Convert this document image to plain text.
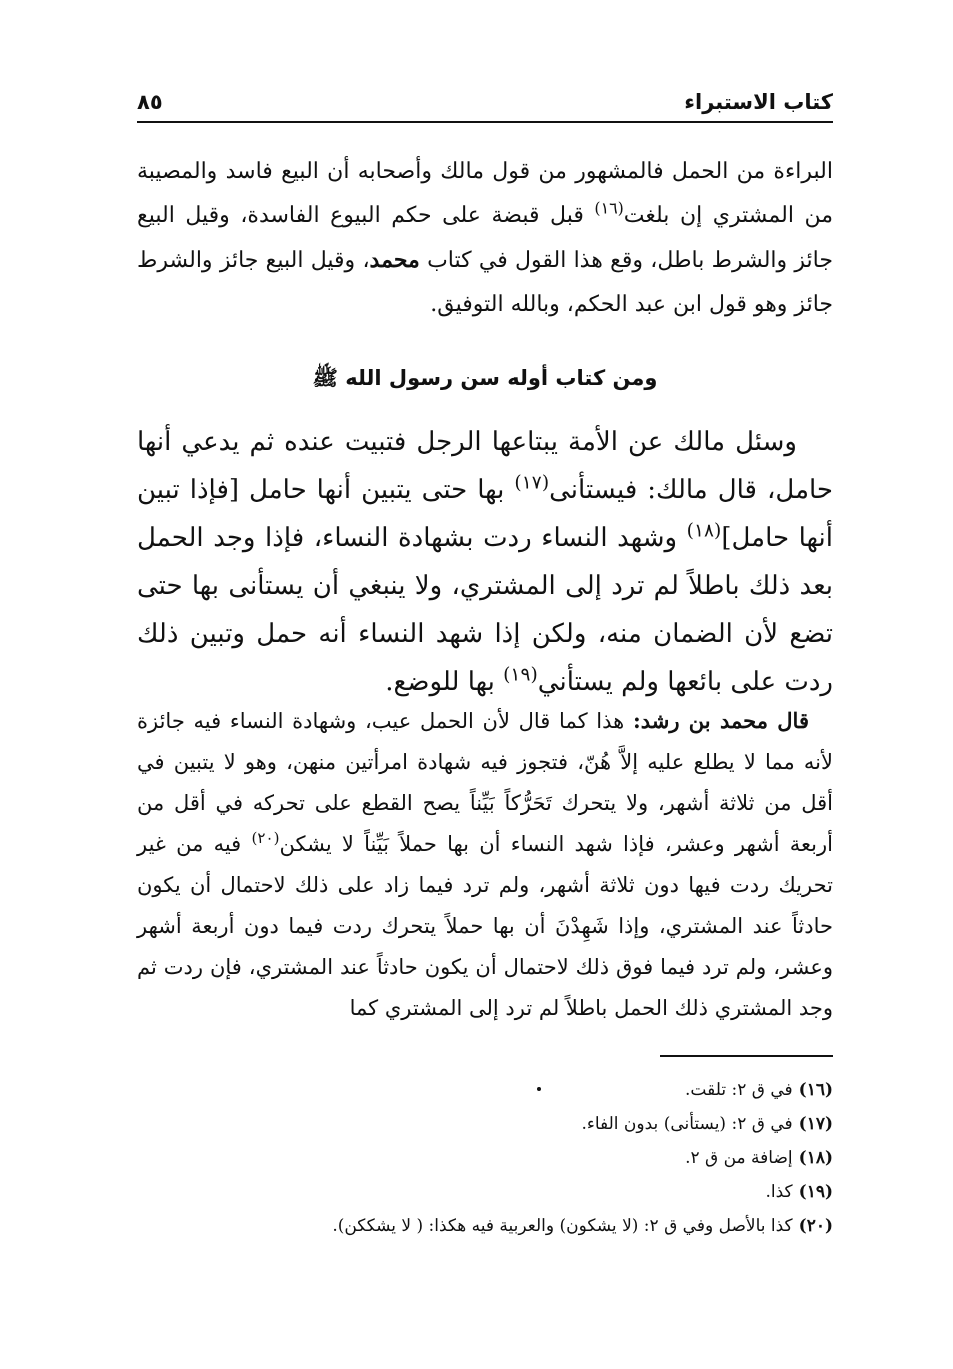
كتاب الاستبراء
٨٥

البراءة من الحمل فالمشهور من قول مالك وأصحابه أن البيع فاسد والمصيبة من المشتري إن بلغت$^{(١٦)}$ قبل قبضة على حكم البيوع الفاسدة، وقيل البيع جائز والشرط باطل، وقع هذا القول في كتاب محمد، وقيل البيع جائز والشرط جائز وهو قول ابن عبد الحكم، وبالله التوفيق.

ومن كتاب أوله سن رسول الله ﷺ

وسئل مالك عن الأمة يبتاعها الرجل فتبيت عنده ثم يدعي أنها حامل، قال مالك: فيستأنى$^{(١٧)}$ بها حتى يتبين أنها حامل [فإذا تبين أنها حامل]$^{(١٨)}$ وشهد النساء ردت بشهادة النساء، فإذا وجد الحمل بعد ذلك باطلاً لم ترد إلى المشتري، ولا ينبغي أن يستأنى بها حتى تضع لأن الضمان منه، ولكن إذا شهد النساء أنه حمل وتبين ذلك ردت على بائعها ولم يستأني$^{(١٩)}$ بها للوضع.

قال محمد بن رشد: هذا كما قال لأن الحمل عيب، وشهادة النساء فيه جائزة لأنه مما لا يطلع عليه إلاَّ هُنّ، فتجوز فيه شهادة امرأتين منهن، وهو لا يتبين في أقل من ثلاثة أشهر، ولا يتحرك تَحَرُّكاً بَيِّناً يصح القطع على تحركه في أقل من أربعة أشهر وعشر، فإذا شهد النساء أن بها حملاً بَيِّناً لا يشكن$^{(٢٠)}$ فيه من غير تحريك ردت فيها دون ثلاثة أشهر، ولم ترد فيما زاد على ذلك لاحتمال أن يكون حادثاً عند المشتري، وإذا شَهِدْنَ أن بها حملاً يتحرك ردت فيما دون أربعة أشهر وعشر، ولم ترد فيما فوق ذلك لاحتمال أن يكون حادثاً عند المشتري، فإن ردت ثم وجد المشتري ذلك الحمل باطلاً لم ترد إلى المشتري كما

(١٦)في ق ٢: تلقت.
(١٧)في ق ٢: (يستأنى) بدون الفاء.
(١٨)إضافة من ق ٢.
(١٩)كذا.
(٢٠)كذا بالأصل وفي ق ٢: (لا يشكون) والعربية فيه هكذا: ( لا يشككن).
